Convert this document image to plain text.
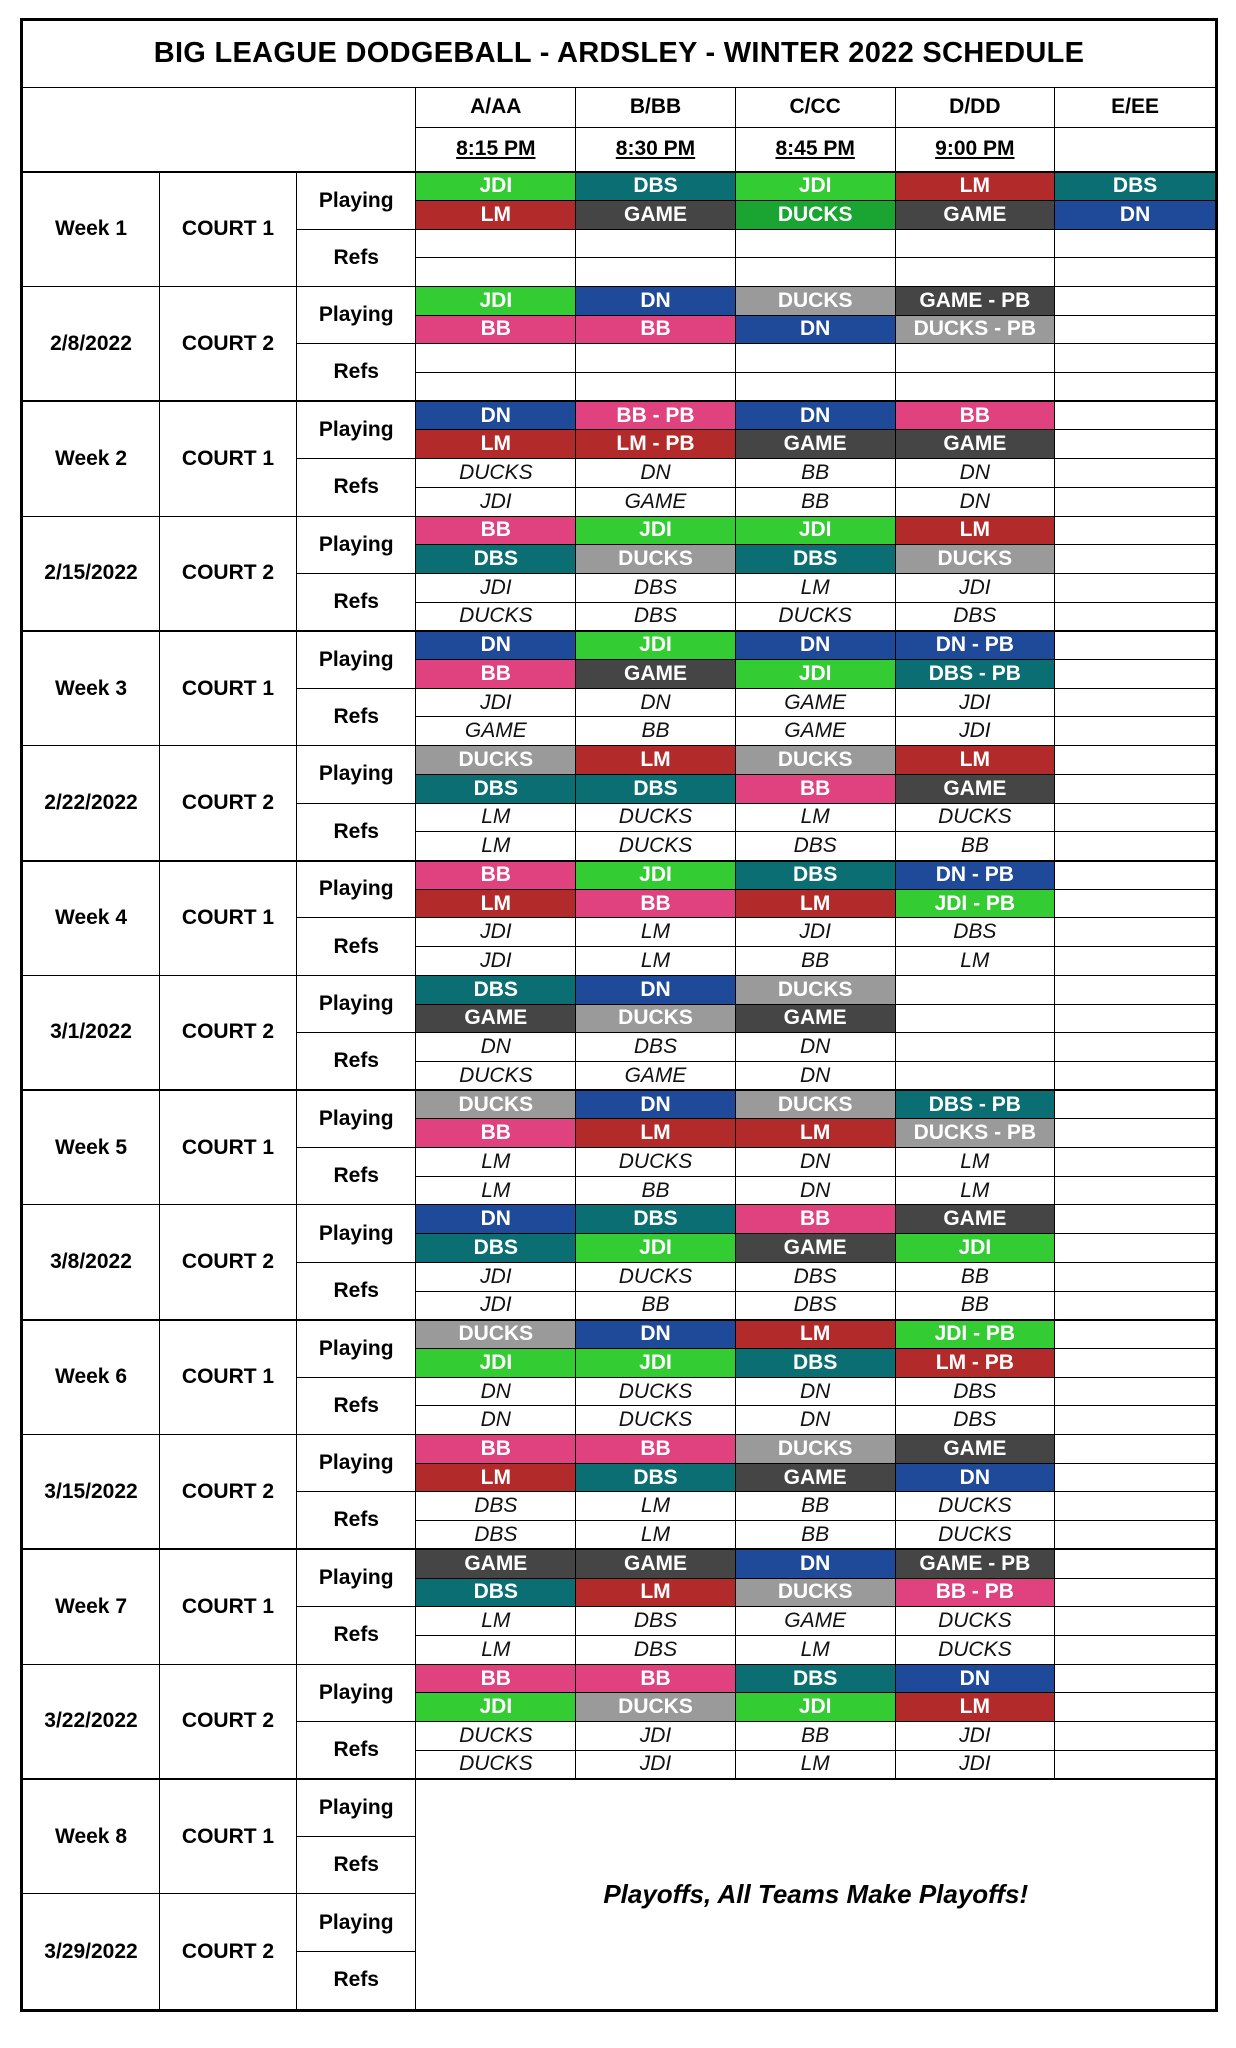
BIG LEAGUE DODGEBALL - ARDSLEY - WINTER 2022 SCHEDULE							
			A/AA	B/BB	C/CC	D/DD	E/EE
			8:15 PM	8:30 PM	8:45 PM	9:00 PM	
Week 1	COURT 1	Playing	JDI	DBS	JDI	LM	DBS
			LM	GAME	DUCKS	GAME	DN
		Refs					

2/8/2022	COURT 2	Playing	JDI	DN	DUCKS	GAME - PB	
			BB	BB	DN	DUCKS - PB	
		Refs					

Week 2	COURT 1	Playing	DN	BB - PB	DN	BB	
			LM	LM - PB	GAME	GAME	
		Refs	DUCKS	DN	BB	DN	
			JDI	GAME	BB	DN	
2/15/2022	COURT 2	Playing	BB	JDI	JDI	LM	
			DBS	DUCKS	DBS	DUCKS	
		Refs	JDI	DBS	LM	JDI	
			DUCKS	DBS	DUCKS	DBS	
Week 3	COURT 1	Playing	DN	JDI	DN	DN - PB	
			BB	GAME	JDI	DBS - PB	
		Refs	JDI	DN	GAME	JDI	
			GAME	BB	GAME	JDI	
2/22/2022	COURT 2	Playing	DUCKS	LM	DUCKS	LM	
			DBS	DBS	BB	GAME	
		Refs	LM	DUCKS	LM	DUCKS	
			LM	DUCKS	DBS	BB	
Week 4	COURT 1	Playing	BB	JDI	DBS	DN - PB	
			LM	BB	LM	JDI - PB	
		Refs	JDI	LM	JDI	DBS	
			JDI	LM	BB	LM	
3/1/2022	COURT 2	Playing	DBS	DN	DUCKS		
			GAME	DUCKS	GAME		
		Refs	DN	DBS	DN		
			DUCKS	GAME	DN		
Week 5	COURT 1	Playing	DUCKS	DN	DUCKS	DBS - PB	
			BB	LM	LM	DUCKS - PB	
		Refs	LM	DUCKS	DN	LM	
			LM	BB	DN	LM	
3/8/2022	COURT 2	Playing	DN	DBS	BB	GAME	
			DBS	JDI	GAME	JDI	
		Refs	JDI	DUCKS	DBS	BB	
			JDI	BB	DBS	BB	
Week 6	COURT 1	Playing	DUCKS	DN	LM	JDI - PB	
			JDI	JDI	DBS	LM - PB	
		Refs	DN	DUCKS	DN	DBS	
			DN	DUCKS	DN	DBS	
3/15/2022	COURT 2	Playing	BB	BB	DUCKS	GAME	
			LM	DBS	GAME	DN	
		Refs	DBS	LM	BB	DUCKS	
			DBS	LM	BB	DUCKS	
Week 7	COURT 1	Playing	GAME	GAME	DN	GAME - PB	
			DBS	LM	DUCKS	BB - PB	
		Refs	LM	DBS	GAME	DUCKS	
			LM	DBS	LM	DUCKS	
3/22/2022	COURT 2	Playing	BB	BB	DBS	DN	
			JDI	DUCKS	JDI	LM	
		Refs	DUCKS	JDI	BB	JDI	
			DUCKS	JDI	LM	JDI	
Week 8	COURT 1	Playing	Playoffs, All Teams Make Playoffs!				

		Refs					

3/29/2022	COURT 2	Playing					

		Refs					
